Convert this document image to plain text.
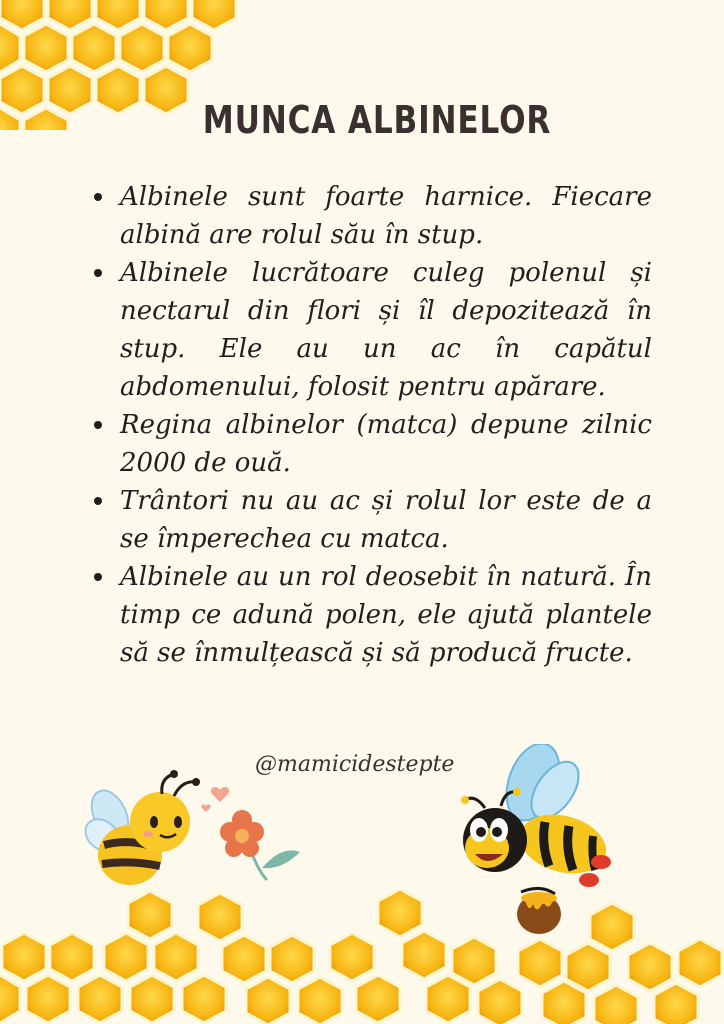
MUNCA ALBINELOR
Albinele sunt foarte harnice. Fiecare albină are rolul său în stup.
Albinele lucrătoare culeg polenul și nectarul din flori și îl depozitează în stup. Ele au un ac în capătul abdomenului, folosit pentru apărare.
Regina albinelor (matca) depune zilnic 2000 de ouă.
Trântori nu au ac și rolul lor este de a se împerechea cu matca.
Albinele au un rol deosebit în natură. În timp ce adună polen, ele ajută plantele să se înmulțească și să producă fructe.
@mamicidestepte
